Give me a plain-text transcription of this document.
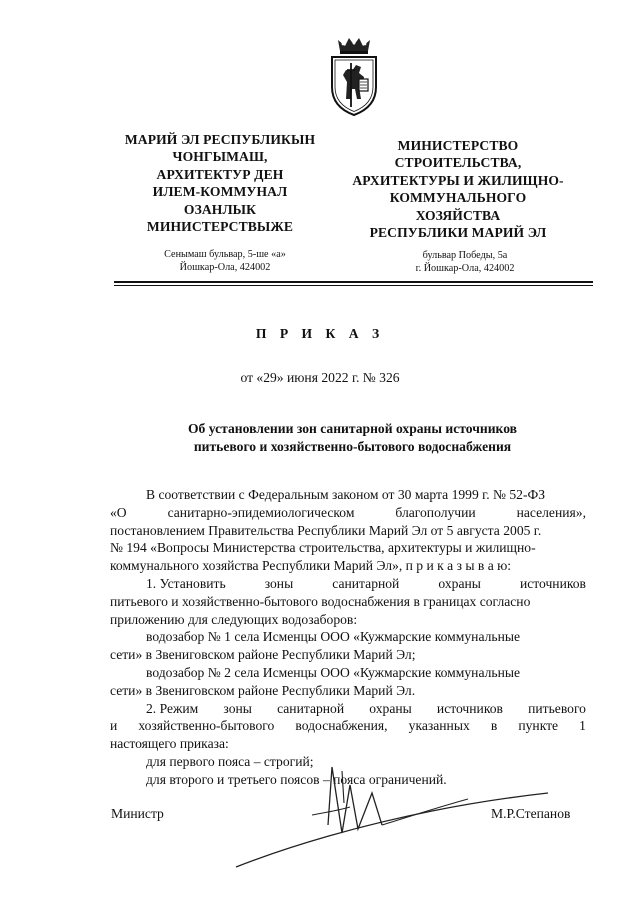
МАРИЙ ЭЛ РЕСПУБЛИКЫН
ЧОНГЫМАШ,
АРХИТЕКТУР ДЕН
ИЛЕМ-КОММУНАЛ
ОЗАНЛЫК
МИНИСТЕРСТВЫЖЕ
МИНИСТЕРСТВО
СТРОИТЕЛЬСТВА,
АРХИТЕКТУРЫ И ЖИЛИЩНО-
КОММУНАЛЬНОГО
ХОЗЯЙСТВА
РЕСПУБЛИКИ МАРИЙ ЭЛ
Сенымаш бульвар, 5-ше «а»
Йошкар-Ола, 424002
бульвар Победы, 5а
г. Йошкар-Ола, 424002
П Р И К А З
от «29» июня 2022 г. № 326
Об установлении зон санитарной охраны источников
питьевого и хозяйственно-бытового водоснабжения
В соответствии с Федеральным законом от 30 марта 1999 г. № 52-ФЗ
«О	санитарно-эпидемиологическом	благополучии	населения»,
постановлением Правительства Республики Марий Эл от 5 августа 2005 г.
№ 194 «Вопросы Министерства строительства, архитектуры и жилищно-
коммунального хозяйства Республики Марий Эл», п р и к а з ы в а ю:
1. Установить	зоны	санитарной	охраны	источников
питьевого и хозяйственно-бытового водоснабжения в границах согласно
приложению для следующих водозаборов:
водозабор № 1 села Исменцы ООО «Кужмарские коммунальные
сети» в Звениговском районе Республики Марий Эл;
водозабор № 2 села Исменцы ООО «Кужмарские коммунальные
сети» в Звениговском районе Республики Марий Эл.
2. Режим зоны санитарной охраны источников питьевого
и хозяйственно-бытового водоснабжения, указанных в пункте 1
настоящего приказа:
для первого пояса – строгий;
для второго и третьего поясов – пояса ограничений.
Министр	М.Р.Степанов
